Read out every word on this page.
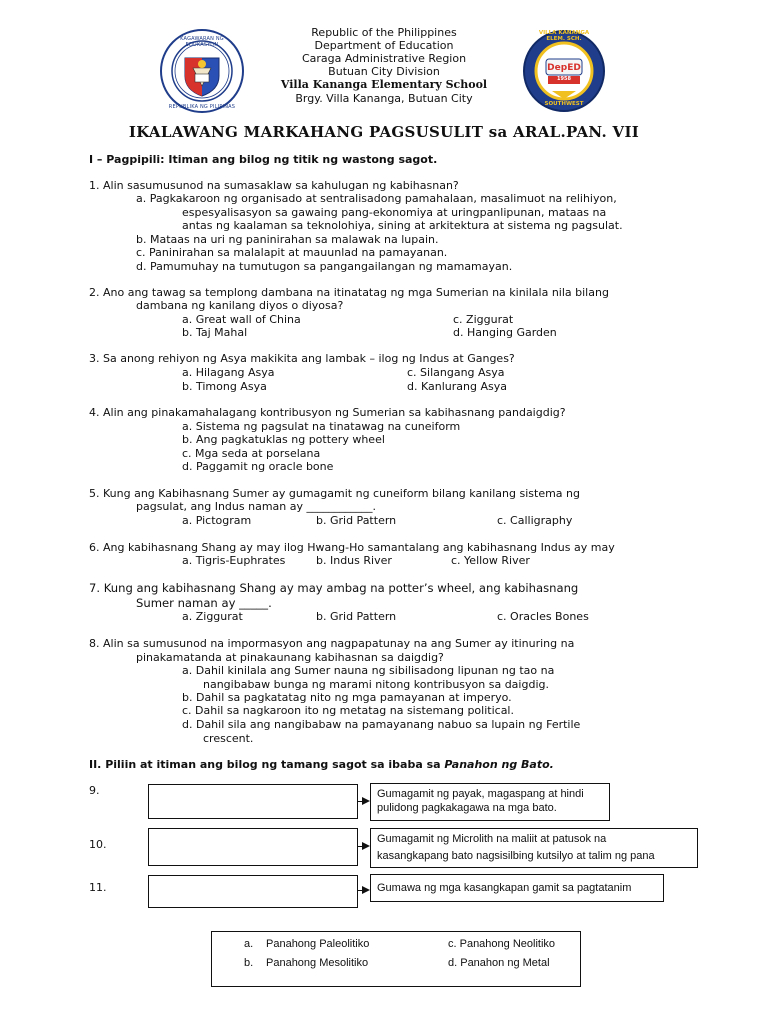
Republic of the Philippines
Department of Education
Caraga Administrative Region
Butuan City Division
Villa Kananga Elementary School
Brgy. Villa Kananga, Butuan City
KAGAWARAN NG EDUKASYON
REPUBLIKA NG PILIPINAS
VILLA KANANGA ELEM. SCH.
DepED
1958
SOUTHWEST
IKALAWANG MARKAHANG PAGSUSULIT sa ARAL.PAN. VII
I – Pagpipili: Itiman ang bilog ng titik ng wastong sagot.
1. Alin sasumusunod na sumasaklaw sa kahulugan ng kabihasnan?
a. Pagkakaroon ng organisado at sentralisadong pamahalaan, masalimuot na relihiyon,
espesyalisasyon sa gawaing pang-ekonomiya at uringpanlipunan, mataas na
antas ng kaalaman sa teknolohiya, sining at arkitektura at sistema ng pagsulat.
b. Mataas na uri ng paninirahan sa malawak na lupain.
c. Paninirahan sa malalapit at mauunlad na pamayanan.
d. Pamumuhay na tumutugon sa pangangailangan ng mamamayan.
2. Ano ang tawag sa templong dambana na itinatatag ng mga Sumerian na kinilala nila bilang
dambana ng kanilang diyos o diyosa?
a. Great wall of China
b. Taj Mahal
c. Ziggurat
d. Hanging Garden
3. Sa anong rehiyon ng Asya makikita ang lambak – ilog ng Indus at Ganges?
a. Hilagang Asya
b. Timong Asya
c. Silangang Asya
d. Kanlurang Asya
4. Alin ang pinakamahalagang kontribusyon ng Sumerian sa kabihasnang pandaigdig?
a. Sistema ng pagsulat na tinatawag na cuneiform
b. Ang pagkatuklas ng pottery wheel
c. Mga seda at porselana
d. Paggamit ng oracle bone
5. Kung ang Kabihasnang Sumer ay gumagamit ng cuneiform bilang kanilang sistema ng
pagsulat, ang Indus naman ay ____________.
a. Pictogram	b. Grid Pattern	c. Calligraphy
6. Ang kabihasnang Shang ay may ilog Hwang-Ho samantalang ang kabihasnang Indus ay may
a. Tigris-Euphrates	b. Indus River	c. Yellow River
7. Kung ang kabihasnang Shang ay may ambag na potter’s wheel, ang kabihasnang
Sumer naman ay _____.
a. Ziggurat	b. Grid Pattern	c. Oracles Bones
8. Alin sa sumusunod na impormasyon ang nagpapatunay na ang Sumer ay itinuring na
pinakamatanda at pinakaunang kabihasnan sa daigdig?
a. Dahil kinilala ang Sumer nauna ng sibilisadong lipunan ng tao na
nangibabaw bunga ng marami nitong kontribusyon sa daigdig.
b. Dahil sa pagkatatag nito ng mga pamayanan at imperyo.
c. Dahil sa nagkaroon ito ng metatag na sistemang political.
d. Dahil sila ang nangibabaw na pamayanang nabuo sa lupain ng Fertile
crescent.
II. Piliin at itiman ang bilog ng tamang sagot sa ibaba sa Panahon ng Bato.
9.	Gumagamit ng payak, magaspang at hindi
pulidong pagkakagawa na mga bato.
10.	Gumagamit ng Microlith na maliit at patusok na
kasangkapang bato nagsisilbing kutsilyo at talim ng pana
11.	Gumawa ng mga kasangkapan gamit sa pagtatanim
a. Panahong Paleolitiko
b. Panahong Mesolitiko
c. Panahong Neolitiko
d. Panahon ng Metal
